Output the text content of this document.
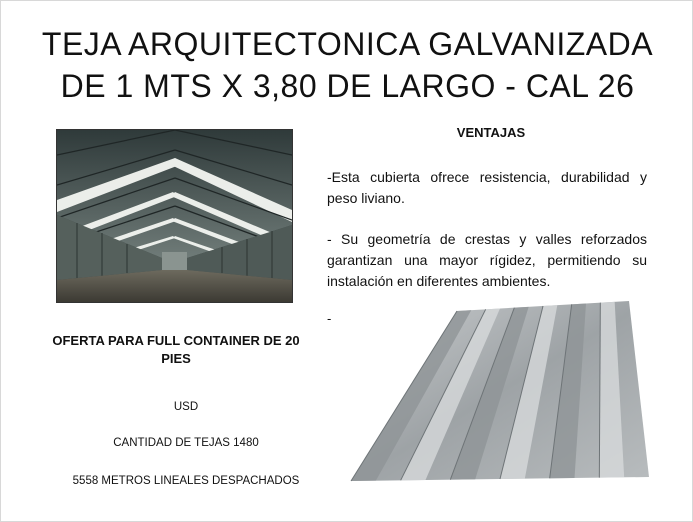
TEJA ARQUITECTONICA GALVANIZADA
DE 1 MTS X 3,80 DE LARGO - CAL 26
VENTAJAS
-Esta cubierta ofrece resistencia, durabilidad y peso liviano.
- Su geometría de crestas y valles reforzados garantizan una mayor rígidez, permitiendo su instalación en diferentes ambientes.
-
OFERTA PARA FULL CONTAINER DE 20 PIES
USD
CANTIDAD DE TEJAS 1480
5558 METROS LINEALES DESPACHADOS
